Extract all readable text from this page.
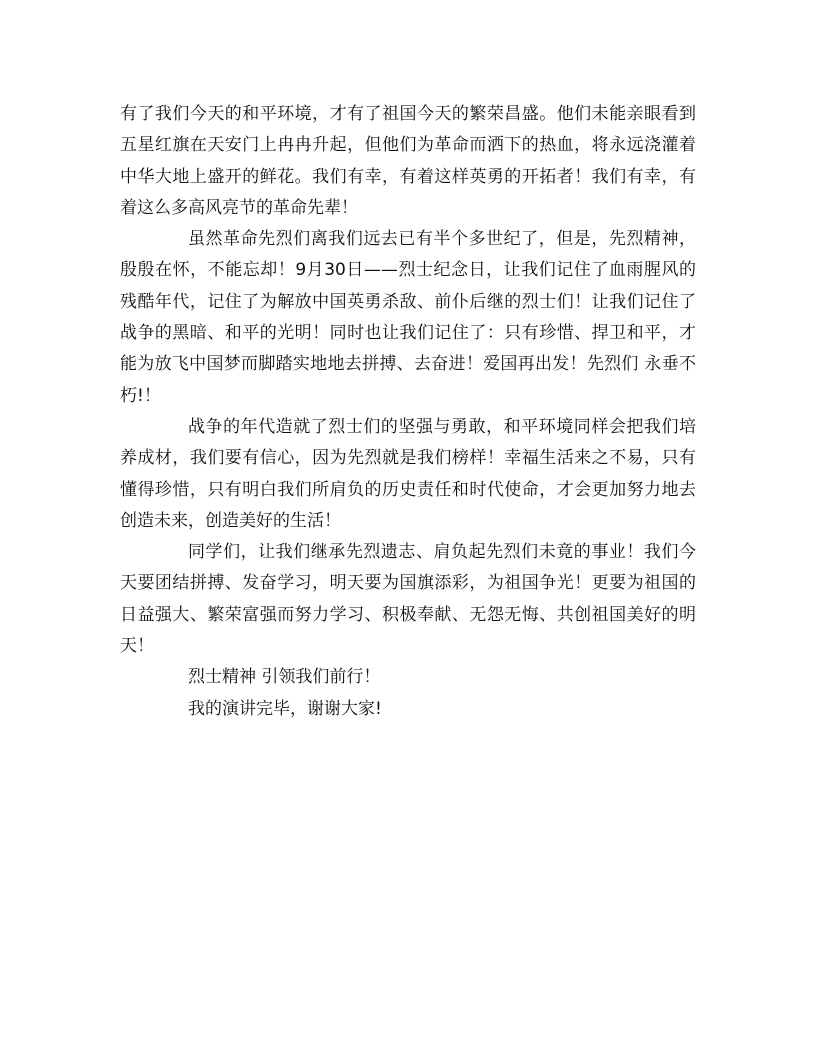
有了我们今天的和平环境，才有了祖国今天的繁荣昌盛。他们未能亲眼看到五星红旗在天安门上冉冉升起，但他们为革命而洒下的热血，将永远浇灌着中华大地上盛开的鲜花。我们有幸，有着这样英勇的开拓者！我们有幸，有着这么多高风亮节的革命先辈！

虽然革命先烈们离我们远去已有半个多世纪了，但是，先烈精神，殷殷在怀，不能忘却！9月30日——烈士纪念日，让我们记住了血雨腥风的残酷年代，记住了为解放中国英勇杀敌、前仆后继的烈士们！让我们记住了战争的黑暗、和平的光明！同时也让我们记住了：只有珍惜、捍卫和平，才能为放飞中国梦而脚踏实地地去拼搏、去奋进！爱国再出发！先烈们 永垂不朽!！

战争的年代造就了烈士们的坚强与勇敢，和平环境同样会把我们培养成材，我们要有信心，因为先烈就是我们榜样！幸福生活来之不易，只有懂得珍惜，只有明白我们所肩负的历史责任和时代使命，才会更加努力地去创造未来，创造美好的生活！

同学们，让我们继承先烈遗志、肩负起先烈们未竟的事业！我们今天要团结拼搏、发奋学习，明天要为国旗添彩，为祖国争光！更要为祖国的日益强大、繁荣富强而努力学习、积极奉献、无怨无悔、共创祖国美好的明天！

烈士精神 引领我们前行！

我的演讲完毕，谢谢大家!
